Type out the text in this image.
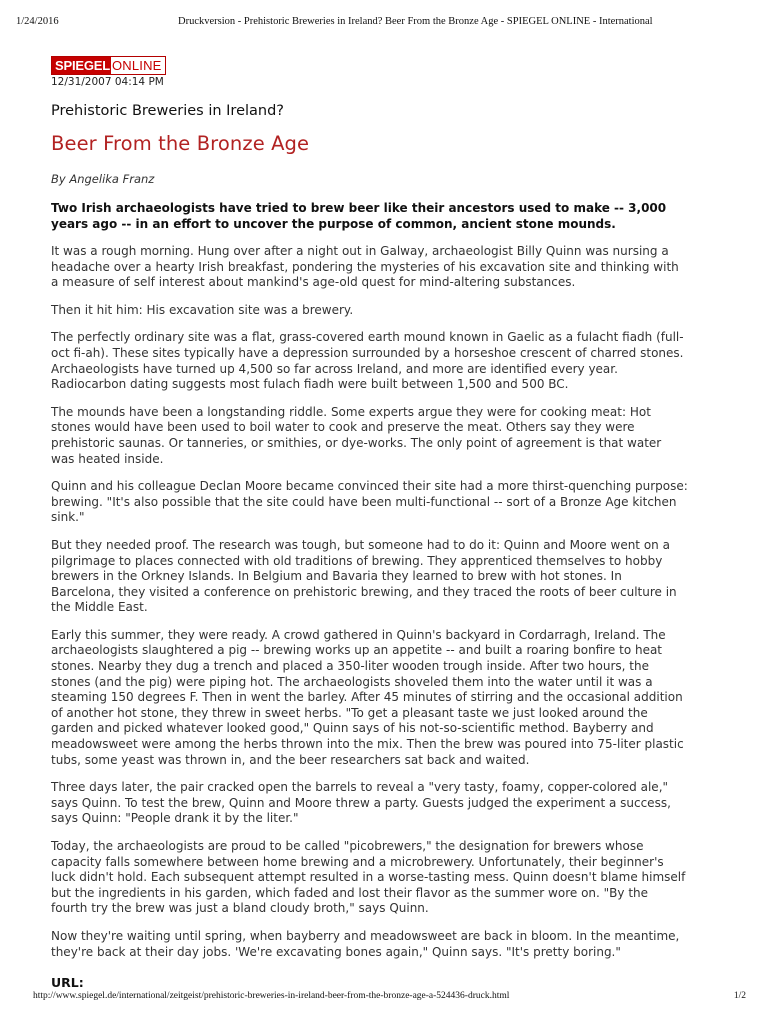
1/24/2016	Druckversion - Prehistoric Breweries in Ireland? Beer From the Bronze Age - SPIEGEL ONLINE - International
SPIEGEL ONLINE
12/31/2007 04:14 PM
Prehistoric Breweries in Ireland?
Beer From the Bronze Age
By Angelika Franz
Two Irish archaeologists have tried to brew beer like their ancestors used to make -- 3,000
years ago -- in an effort to uncover the purpose of common, ancient stone mounds.
It was a rough morning. Hung over after a night out in Galway, archaeologist Billy Quinn was nursing a
headache over a hearty Irish breakfast, pondering the mysteries of his excavation site and thinking with
a measure of self interest about mankind's age-old quest for mind-altering substances.
Then it hit him: His excavation site was a brewery.
The perfectly ordinary site was a flat, grass-covered earth mound known in Gaelic as a fulacht fiadh (full-
oct fi-ah). These sites typically have a depression surrounded by a horseshoe crescent of charred stones.
Archaeologists have turned up 4,500 so far across Ireland, and more are identified every year.
Radiocarbon dating suggests most fulach fiadh were built between 1,500 and 500 BC.
The mounds have been a longstanding riddle. Some experts argue they were for cooking meat: Hot
stones would have been used to boil water to cook and preserve the meat. Others say they were
prehistoric saunas. Or tanneries, or smithies, or dye-works. The only point of agreement is that water
was heated inside.
Quinn and his colleague Declan Moore became convinced their site had a more thirst-quenching purpose:
brewing. "It's also possible that the site could have been multi-functional -- sort of a Bronze Age kitchen
sink."
But they needed proof. The research was tough, but someone had to do it: Quinn and Moore went on a
pilgrimage to places connected with old traditions of brewing. They apprenticed themselves to hobby
brewers in the Orkney Islands. In Belgium and Bavaria they learned to brew with hot stones. In
Barcelona, they visited a conference on prehistoric brewing, and they traced the roots of beer culture in
the Middle East.
Early this summer, they were ready. A crowd gathered in Quinn's backyard in Cordarragh, Ireland. The
archaeologists slaughtered a pig -- brewing works up an appetite -- and built a roaring bonfire to heat
stones. Nearby they dug a trench and placed a 350-liter wooden trough inside. After two hours, the
stones (and the pig) were piping hot. The archaeologists shoveled them into the water until it was a
steaming 150 degrees F. Then in went the barley. After 45 minutes of stirring and the occasional addition
of another hot stone, they threw in sweet herbs. "To get a pleasant taste we just looked around the
garden and picked whatever looked good," Quinn says of his not-so-scientific method. Bayberry and
meadowsweet were among the herbs thrown into the mix. Then the brew was poured into 75-liter plastic
tubs, some yeast was thrown in, and the beer researchers sat back and waited.
Three days later, the pair cracked open the barrels to reveal a "very tasty, foamy, copper-colored ale,"
says Quinn. To test the brew, Quinn and Moore threw a party. Guests judged the experiment a success,
says Quinn: "People drank it by the liter."
Today, the archaeologists are proud to be called "picobrewers," the designation for brewers whose
capacity falls somewhere between home brewing and a microbrewery. Unfortunately, their beginner's
luck didn't hold. Each subsequent attempt resulted in a worse-tasting mess. Quinn doesn't blame himself
but the ingredients in his garden, which faded and lost their flavor as the summer wore on. "By the
fourth try the brew was just a bland cloudy broth," says Quinn.
Now they're waiting until spring, when bayberry and meadowsweet are back in bloom. In the meantime,
they're back at their day jobs. 'We're excavating bones again," Quinn says. "It's pretty boring."
URL:
http://www.spiegel.de/international/zeitgeist/prehistoric-breweries-in-ireland-beer-from-the-bronze-age-a-524436-druck.html	1/2
